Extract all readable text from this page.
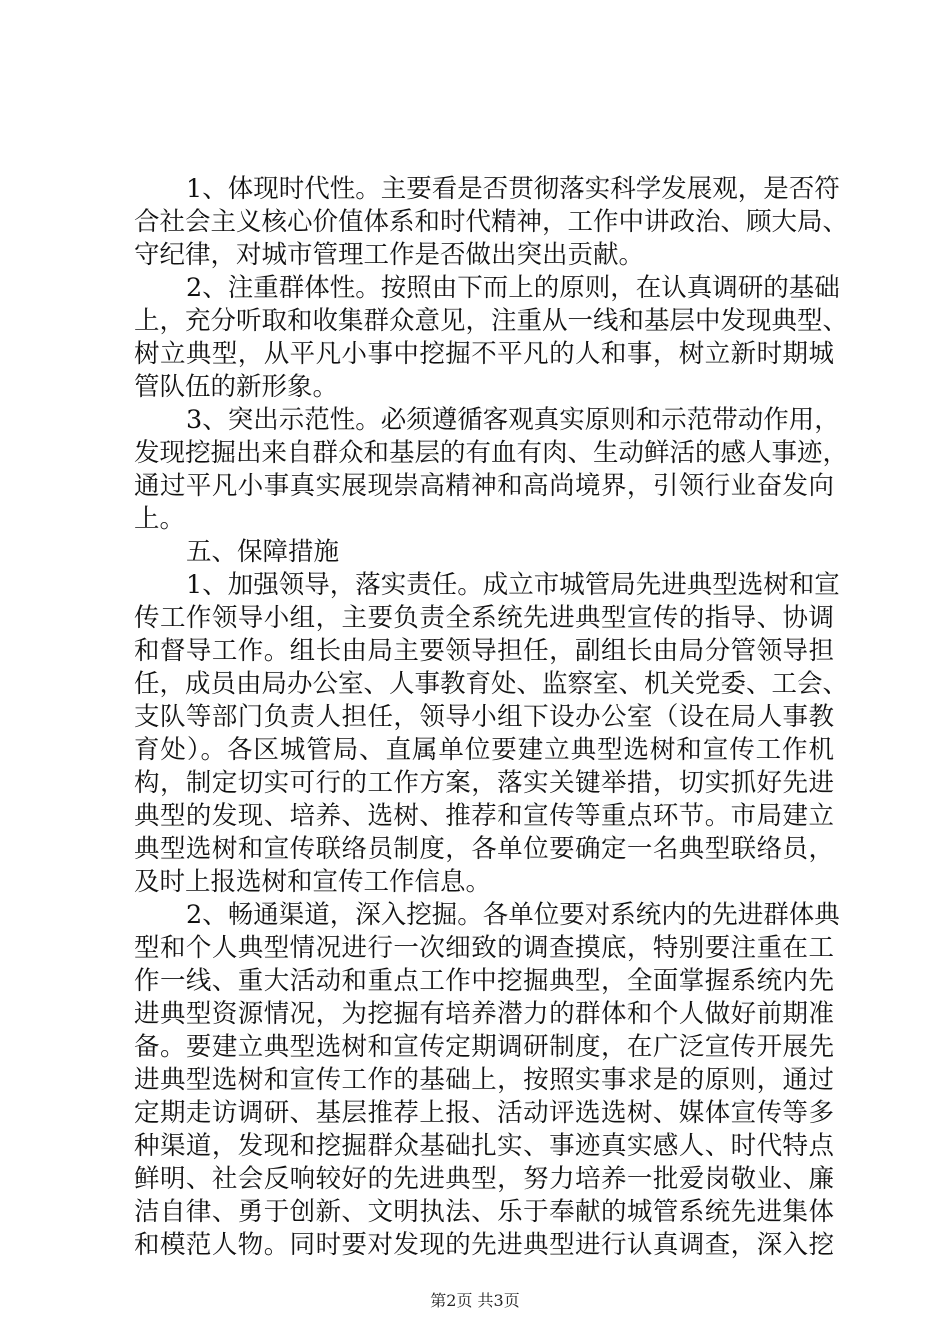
1、体现时代性。主要看是否贯彻落实科学发展观，是否符
合社会主义核心价值体系和时代精神，工作中讲政治、顾大局、
守纪律，对城市管理工作是否做出突出贡献。
2、注重群体性。按照由下而上的原则，在认真调研的基础
上，充分听取和收集群众意见，注重从一线和基层中发现典型、
树立典型，从平凡小事中挖掘不平凡的人和事，树立新时期城
管队伍的新形象。
3、突出示范性。必须遵循客观真实原则和示范带动作用，
发现挖掘出来自群众和基层的有血有肉、生动鲜活的感人事迹，
通过平凡小事真实展现崇高精神和高尚境界，引领行业奋发向
上。
五、保障措施
1、加强领导，落实责任。成立市城管局先进典型选树和宣
传工作领导小组，主要负责全系统先进典型宣传的指导、协调
和督导工作。组长由局主要领导担任，副组长由局分管领导担
任，成员由局办公室、人事教育处、监察室、机关党委、工会、
支队等部门负责人担任，领导小组下设办公室（设在局人事教
育处）。各区城管局、直属单位要建立典型选树和宣传工作机
构，制定切实可行的工作方案，落实关键举措，切实抓好先进
典型的发现、培养、选树、推荐和宣传等重点环节。市局建立
典型选树和宣传联络员制度，各单位要确定一名典型联络员，
及时上报选树和宣传工作信息。
2、畅通渠道，深入挖掘。各单位要对系统内的先进群体典
型和个人典型情况进行一次细致的调查摸底，特别要注重在工
作一线、重大活动和重点工作中挖掘典型，全面掌握系统内先
进典型资源情况，为挖掘有培养潜力的群体和个人做好前期准
备。要建立典型选树和宣传定期调研制度，在广泛宣传开展先
进典型选树和宣传工作的基础上，按照实事求是的原则，通过
定期走访调研、基层推荐上报、活动评选选树、媒体宣传等多
种渠道，发现和挖掘群众基础扎实、事迹真实感人、时代特点
鲜明、社会反响较好的先进典型，努力培养一批爱岗敬业、廉
洁自律、勇于创新、文明执法、乐于奉献的城管系统先进集体
和模范人物。同时要对发现的先进典型进行认真调查，深入挖
第2页 共3页
